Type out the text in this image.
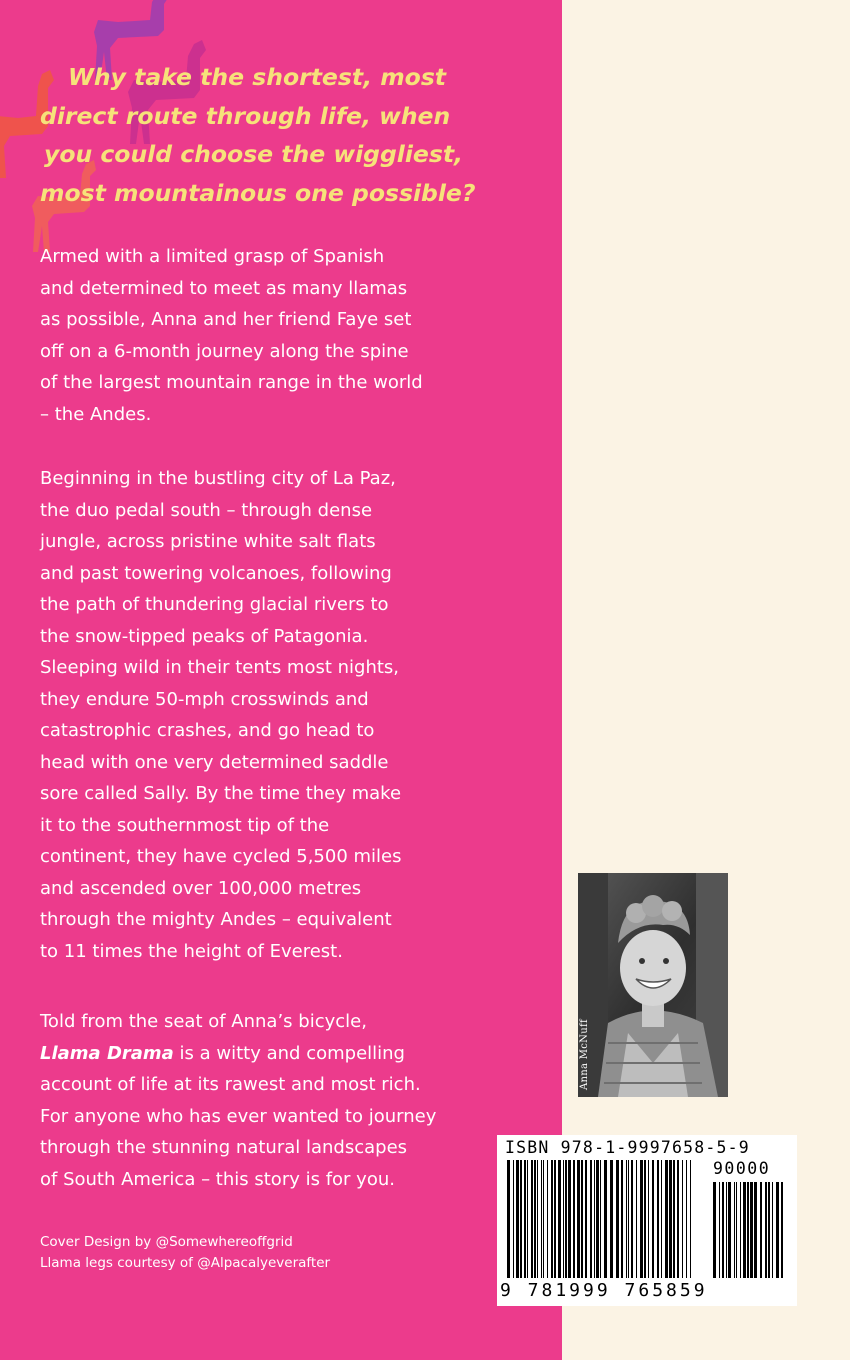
Why take the shortest, most
direct route through life, when
you could choose the wiggliest,
most mountainous one possible?

Armed with a limited grasp of Spanish
and determined to meet as many llamas
as possible, Anna and her friend Faye set
off on a 6-month journey along the spine
of the largest mountain range in the world
– the Andes.

Beginning in the bustling city of La Paz,
the duo pedal south – through dense
jungle, across pristine white salt flats
and past towering volcanoes, following
the path of thundering glacial rivers to
the snow-tipped peaks of Patagonia.
Sleeping wild in their tents most nights,
they endure 50-mph crosswinds and
catastrophic crashes, and go head to
head with one very determined saddle
sore called Sally. By the time they make
it to the southernmost tip of the
continent, they have cycled 5,500 miles
and ascended over 100,000 metres
through the mighty Andes – equivalent
to 11 times the height of Everest.

Told from the seat of Anna’s bicycle,
Llama Drama is a witty and compelling
account of life at its rawest and most rich.
For anyone who has ever wanted to journey
through the stunning natural landscapes
of South America – this story is for you.

Cover Design by @Somewhereoffgrid
Llama legs courtesy of @Alpacalyeverafter

Anna McNuff
ISBN 978-1-9997658-5-9
90000
9 781999 765859
